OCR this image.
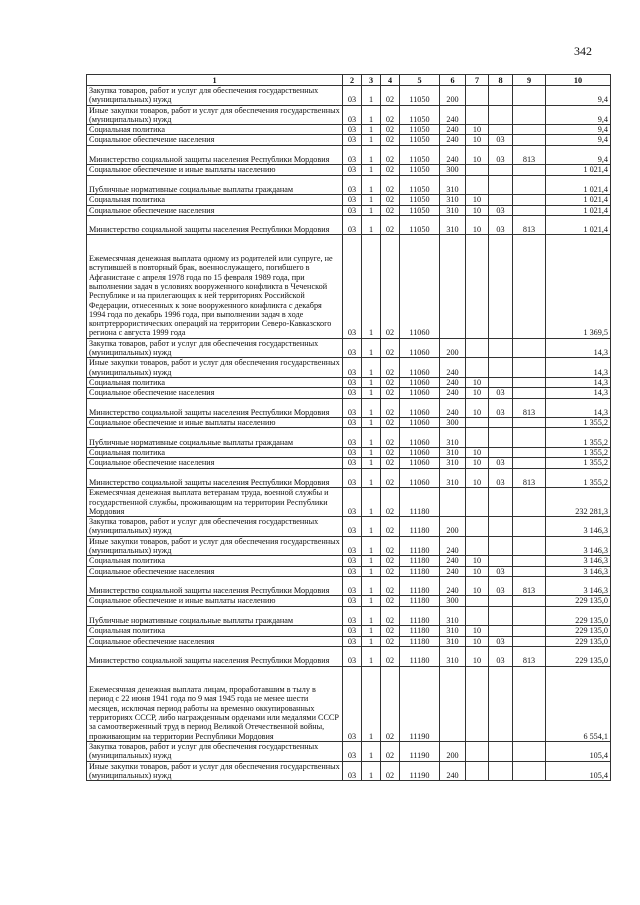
342
1	2	3	4	5	6	7	8	9	10
Закупка товаров, работ и услуг для обеспечения государственных (муниципальных) нужд	03	1	02	11050	200				9,4
Иные закупки товаров, работ и услуг для обеспечения государственных (муниципальных) нужд	03	1	02	11050	240				9,4
Социальная политика	03	1	02	11050	240	10			9,4
Социальное обеспечение населения	03	1	02	11050	240	10	03		9,4
Министерство социальной защиты населения Республики Мордовия	03	1	02	11050	240	10	03	813	9,4
Социальное обеспечение и иные выплаты населению	03	1	02	11050	300				1 021,4
Публичные нормативные социальные выплаты гражданам	03	1	02	11050	310				1 021,4
Социальная политика	03	1	02	11050	310	10			1 021,4
Социальное обеспечение населения	03	1	02	11050	310	10	03		1 021,4
Министерство социальной защиты населения Республики Мордовия	03	1	02	11050	310	10	03	813	1 021,4
Ежемесячная денежная выплата одному из родителей или супруге, не вступившей в повторный брак, военнослужащего, погибшего в Афганистане с апреля 1978 года по 15 февраля 1989 года, при выполнении задач в условиях вооруженного конфликта в Чеченской Республике и на прилегающих к ней территориях Российской Федерации, отнесенных к зоне вооруженного конфликта с декабря 1994 года по декабрь 1996 года, при выполнении задач в ходе контртеррористических операций на территории Северо-Кавказского региона с августа 1999 года	03	1	02	11060					1 369,5
Закупка товаров, работ и услуг для обеспечения государственных (муниципальных) нужд	03	1	02	11060	200				14,3
Иные закупки товаров, работ и услуг для обеспечения государственных (муниципальных) нужд	03	1	02	11060	240				14,3
Социальная политика	03	1	02	11060	240	10			14,3
Социальное обеспечение населения	03	1	02	11060	240	10	03		14,3
Министерство социальной защиты населения Республики Мордовия	03	1	02	11060	240	10	03	813	14,3
Социальное обеспечение и иные выплаты населению	03	1	02	11060	300				1 355,2
Публичные нормативные социальные выплаты гражданам	03	1	02	11060	310				1 355,2
Социальная политика	03	1	02	11060	310	10			1 355,2
Социальное обеспечение населения	03	1	02	11060	310	10	03		1 355,2
Министерство социальной защиты населения Республики Мордовия	03	1	02	11060	310	10	03	813	1 355,2
Ежемесячная денежная выплата ветеранам труда, военной службы и государственной службы, проживающим на территории Республики Мордовия	03	1	02	11180					232 281,3
Закупка товаров, работ и услуг для обеспечения государственных (муниципальных) нужд	03	1	02	11180	200				3 146,3
Иные закупки товаров, работ и услуг для обеспечения государственных (муниципальных) нужд	03	1	02	11180	240				3 146,3
Социальная политика	03	1	02	11180	240	10			3 146,3
Социальное обеспечение населения	03	1	02	11180	240	10	03		3 146,3
Министерство социальной защиты населения Республики Мордовия	03	1	02	11180	240	10	03	813	3 146,3
Социальное обеспечение и иные выплаты населению	03	1	02	11180	300				229 135,0
Публичные нормативные социальные выплаты гражданам	03	1	02	11180	310				229 135,0
Социальная политика	03	1	02	11180	310	10			229 135,0
Социальное обеспечение населения	03	1	02	11180	310	10	03		229 135,0
Министерство социальной защиты населения Республики Мордовия	03	1	02	11180	310	10	03	813	229 135,0
Ежемесячная денежная выплата лицам, проработавшим в тылу в период с 22 июня 1941 года по 9 мая 1945 года не менее шести месяцев, исключая период работы на временно оккупированных территориях СССР, либо награжденным орденами или медалями СССР за самоотверженный труд в период Великой Отечественной войны, проживающим на территории Республики Мордовия	03	1	02	11190					6 554,1
Закупка товаров, работ и услуг для обеспечения государственных (муниципальных) нужд	03	1	02	11190	200				105,4
Иные закупки товаров, работ и услуг для обеспечения государственных (муниципальных) нужд	03	1	02	11190	240				105,4
